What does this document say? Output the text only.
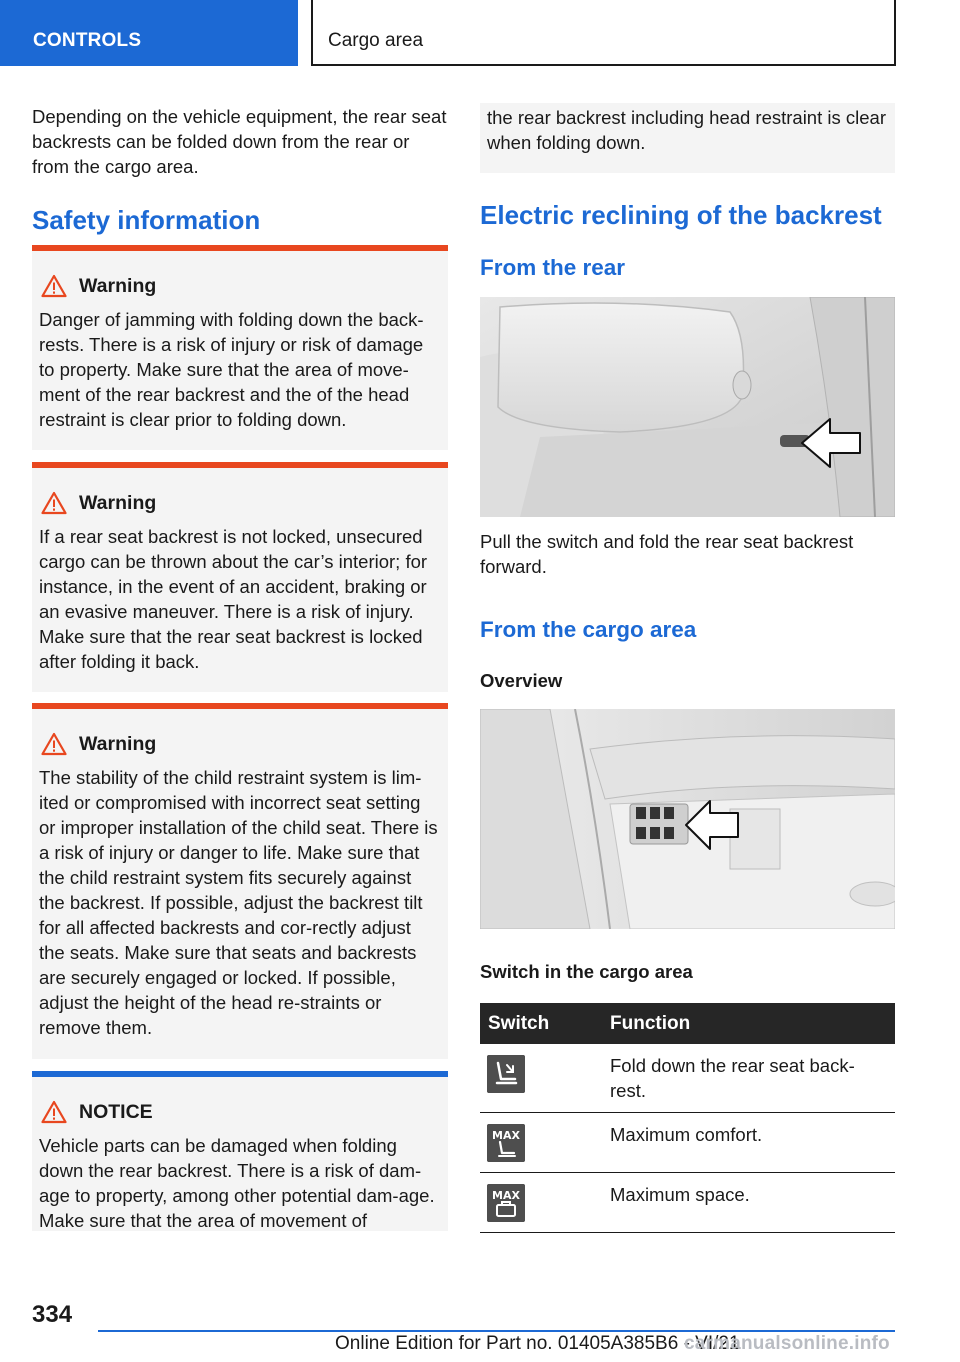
CONTROLS	Cargo area

Depending on the vehicle equipment, the rear seat backrests can be folded down from the rear or from the cargo area.

Safety information
Warning

Danger of jamming with folding down the back-rests. There is a risk of injury or risk of damage to property. Make sure that the area of move-ment of the rear backrest and the of the head restraint is clear prior to folding down.

Warning

If a rear seat backrest is not locked, unsecured cargo can be thrown about the car’s interior; for instance, in the event of an accident, braking or an evasive maneuver. There is a risk of injury. Make sure that the rear seat backrest is locked after folding it back.

Warning

The stability of the child restraint system is lim-ited or compromised with incorrect seat setting or improper installation of the child seat. There is a risk of injury or danger to life. Make sure that the child restraint system fits securely against the backrest. If possible, adjust the backrest tilt for all affected backrests and cor-rectly adjust the seats. Make sure that seats and backrests are securely engaged or locked. If possible, adjust the height of the head re-straints or remove them.

NOTICE

Vehicle parts can be damaged when folding down the rear backrest. There is a risk of dam-age to property, among other potential dam-age. Make sure that the area of movement of

the rear backrest including head restraint is clear when folding down.

Electric reclining of the backrest
From the rear

Pull the switch and fold the rear seat backrest forward.

From the cargo area
Overview
Switch in the cargo area
Switch	Function

	Fold down the rear seat back-rest.

MAX	Maximum comfort.

MAX	Maximum space.
334
Online Edition for Part no. 01405A385B6 - VI/21
carmanualsonline.info
